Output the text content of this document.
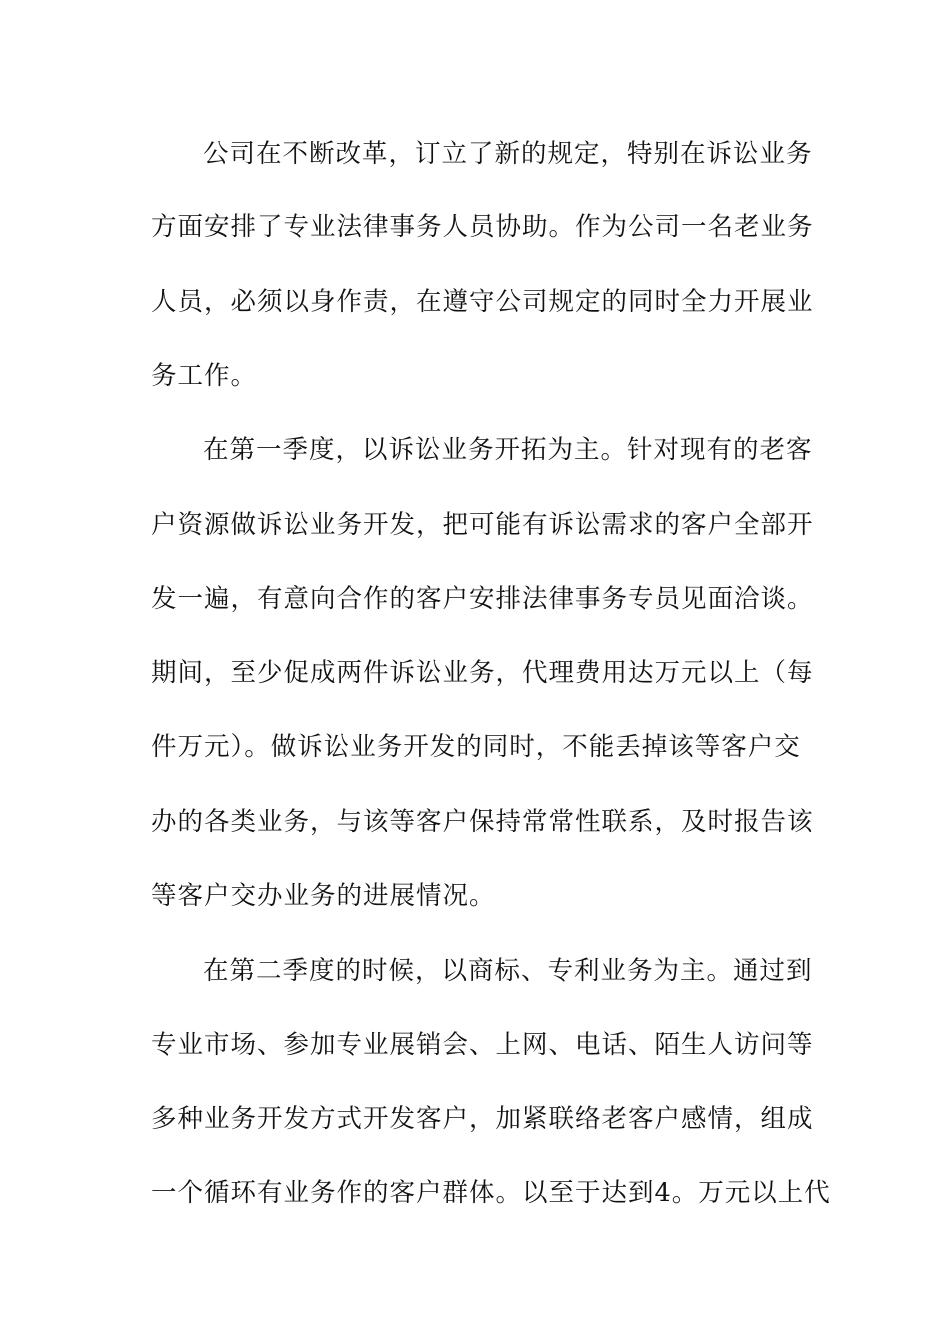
公司在不断改革，订立了新的规定，特别在诉讼业务
方面安排了专业法律事务人员协助。作为公司一名老业务
人员，必须以身作责，在遵守公司规定的同时全力开展业
务工作。
在第一季度，以诉讼业务开拓为主。针对现有的老客
户资源做诉讼业务开发，把可能有诉讼需求的客户全部开
发一遍，有意向合作的客户安排法律事务专员见面洽谈。
期间，至少促成两件诉讼业务，代理费用达万元以上（每
件万元）。做诉讼业务开发的同时，不能丢掉该等客户交
办的各类业务，与该等客户保持常常性联系，及时报告该
等客户交办业务的进展情况。
在第二季度的时候，以商标、专利业务为主。通过到
专业市场、参加专业展销会、上网、电话、陌生人访问等
多种业务开发方式开发客户，加紧联络老客户感情，组成
一个循环有业务作的客户群体。以至于达到4。万元以上代
